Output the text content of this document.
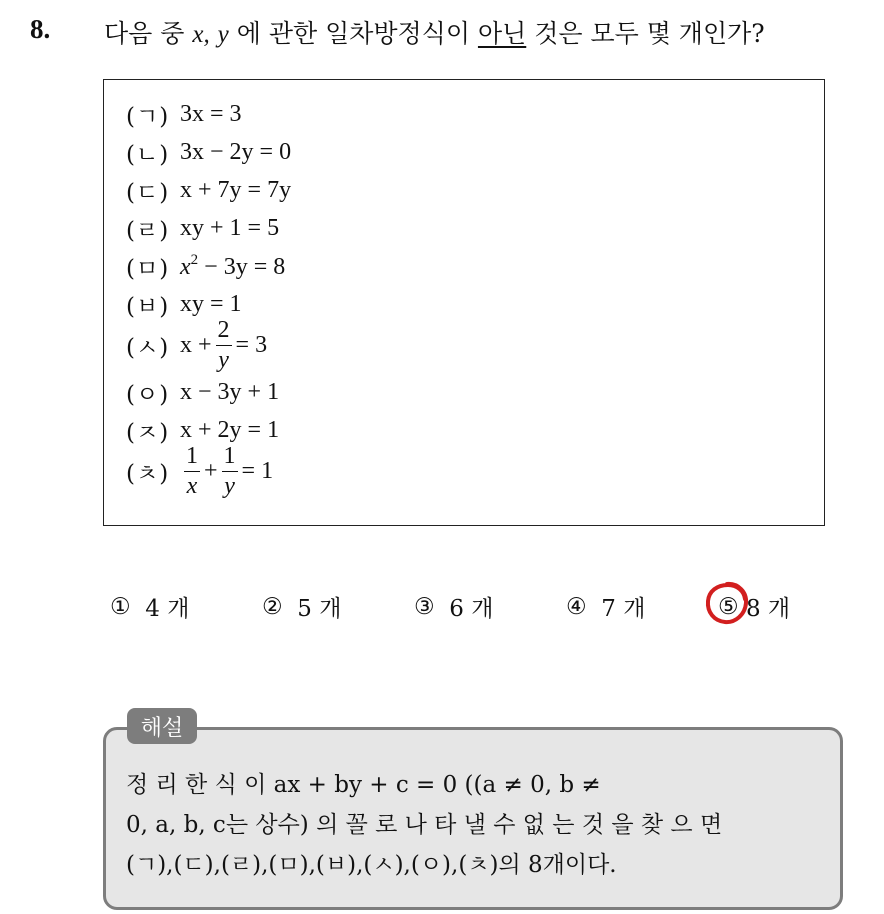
8. 다음 중 x, y 에 관한 일차방정식이 아닌 것은 모두 몇 개인가?
(ㄱ) 3x = 3
(ㄴ) 3x − 2y = 0
(ㄷ) x + 7y = 7y
(ㄹ) xy + 1 = 5
(ㅁ) $x^2 - 3y = 8$
(ㅂ) xy = 1
(ㅅ) $x + \frac{2}{y} = 3$
(ㅇ) x − 3y + 1
(ㅈ) x + 2y = 1
(ㅊ) $\frac{1}{x} + \frac{1}{y} = 1$
①
4 개	②
5 개	③
6 개	④
7 개	⑤
8 개
해설
정 리 한 식 이 ax + by + c = 0 ((a ≠ 0, b ≠
0, a, b, c는 상수) 의 꼴 로 나 타 낼 수 없 는 것 을 찾 으 면
(ㄱ),(ㄷ),(ㄹ),(ㅁ),(ㅂ),(ㅅ),(ㅇ),(ㅊ)의 8개이다.
